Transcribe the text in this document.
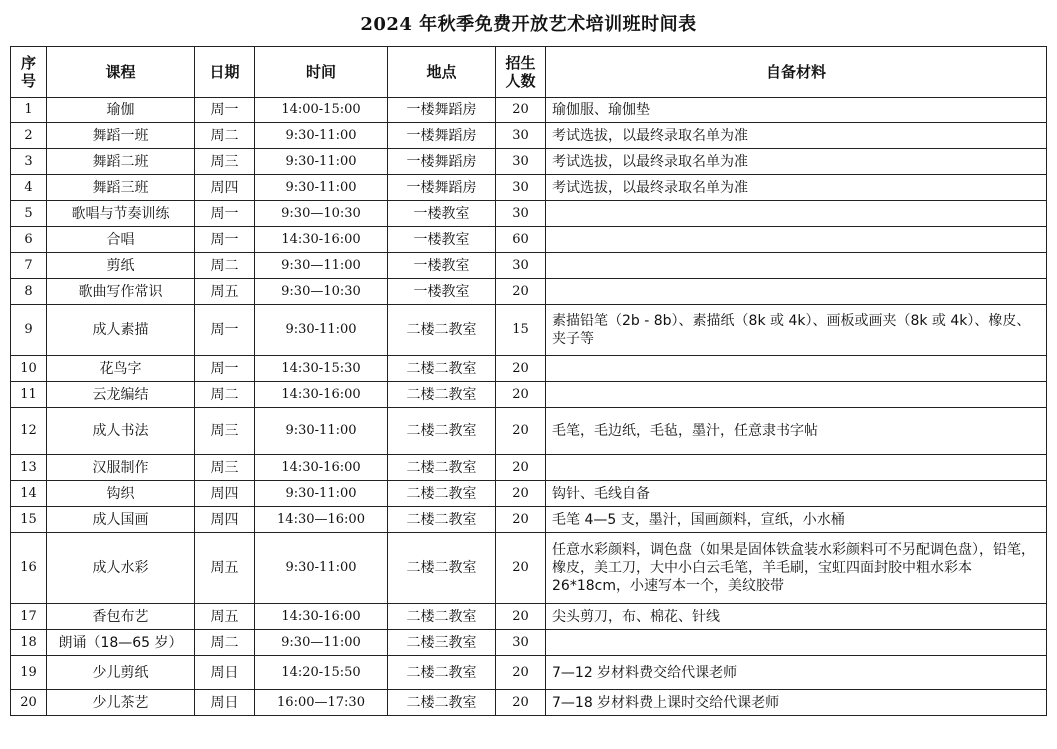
2024 年秋季免费开放艺术培训班时间表
序号	课程	日期	时间	地点	招生人数	自备材料
1	瑜伽	周一	14:00-15:00	一楼舞蹈房	20	瑜伽服、瑜伽垫
2	舞蹈一班	周二	9:30-11:00	一楼舞蹈房	30	考试选拔，以最终录取名单为准
3	舞蹈二班	周三	9:30-11:00	一楼舞蹈房	30	考试选拔，以最终录取名单为准
4	舞蹈三班	周四	9:30-11:00	一楼舞蹈房	30	考试选拔，以最终录取名单为准
5	歌唱与节奏训练	周一	9:30—10:30	一楼教室	30	
6	合唱	周一	14:30-16:00	一楼教室	60	
7	剪纸	周二	9:30—11:00	一楼教室	30	
8	歌曲写作常识	周五	9:30—10:30	一楼教室	20	
9	成人素描	周一	9:30-11:00	二楼二教室	15	素描铅笔（2b - 8b）、素描纸（8k 或 4k）、画板或画夹（8k 或 4k）、橡皮、夹子等
10	花鸟字	周一	14:30-15:30	二楼二教室	20	
11	云龙编结	周二	14:30-16:00	二楼二教室	20	
12	成人书法	周三	9:30-11:00	二楼二教室	20	毛笔，毛边纸，毛毡，墨汁，任意隶书字帖
13	汉服制作	周三	14:30-16:00	二楼二教室	20	
14	钩织	周四	9:30-11:00	二楼二教室	20	钩针、毛线自备
15	成人国画	周四	14:30—16:00	二楼二教室	20	毛笔 4—5 支，墨汁，国画颜料，宣纸，小水桶
16	成人水彩	周五	9:30-11:00	二楼二教室	20	任意水彩颜料，调色盘（如果是固体铁盒装水彩颜料可不另配调色盘），铅笔，橡皮，美工刀，大中小白云毛笔，羊毛刷，宝虹四面封胶中粗水彩本 26*18cm，小速写本一个，美纹胶带
17	香包布艺	周五	14:30-16:00	二楼二教室	20	尖头剪刀，布、棉花、针线
18	朗诵（18—65 岁）	周二	9:30—11:00	二楼三教室	30	
19	少儿剪纸	周日	14:20-15:50	二楼二教室	20	7—12 岁材料费交给代课老师
20	少儿茶艺	周日	16:00—17:30	二楼二教室	20	7—18 岁材料费上课时交给代课老师
